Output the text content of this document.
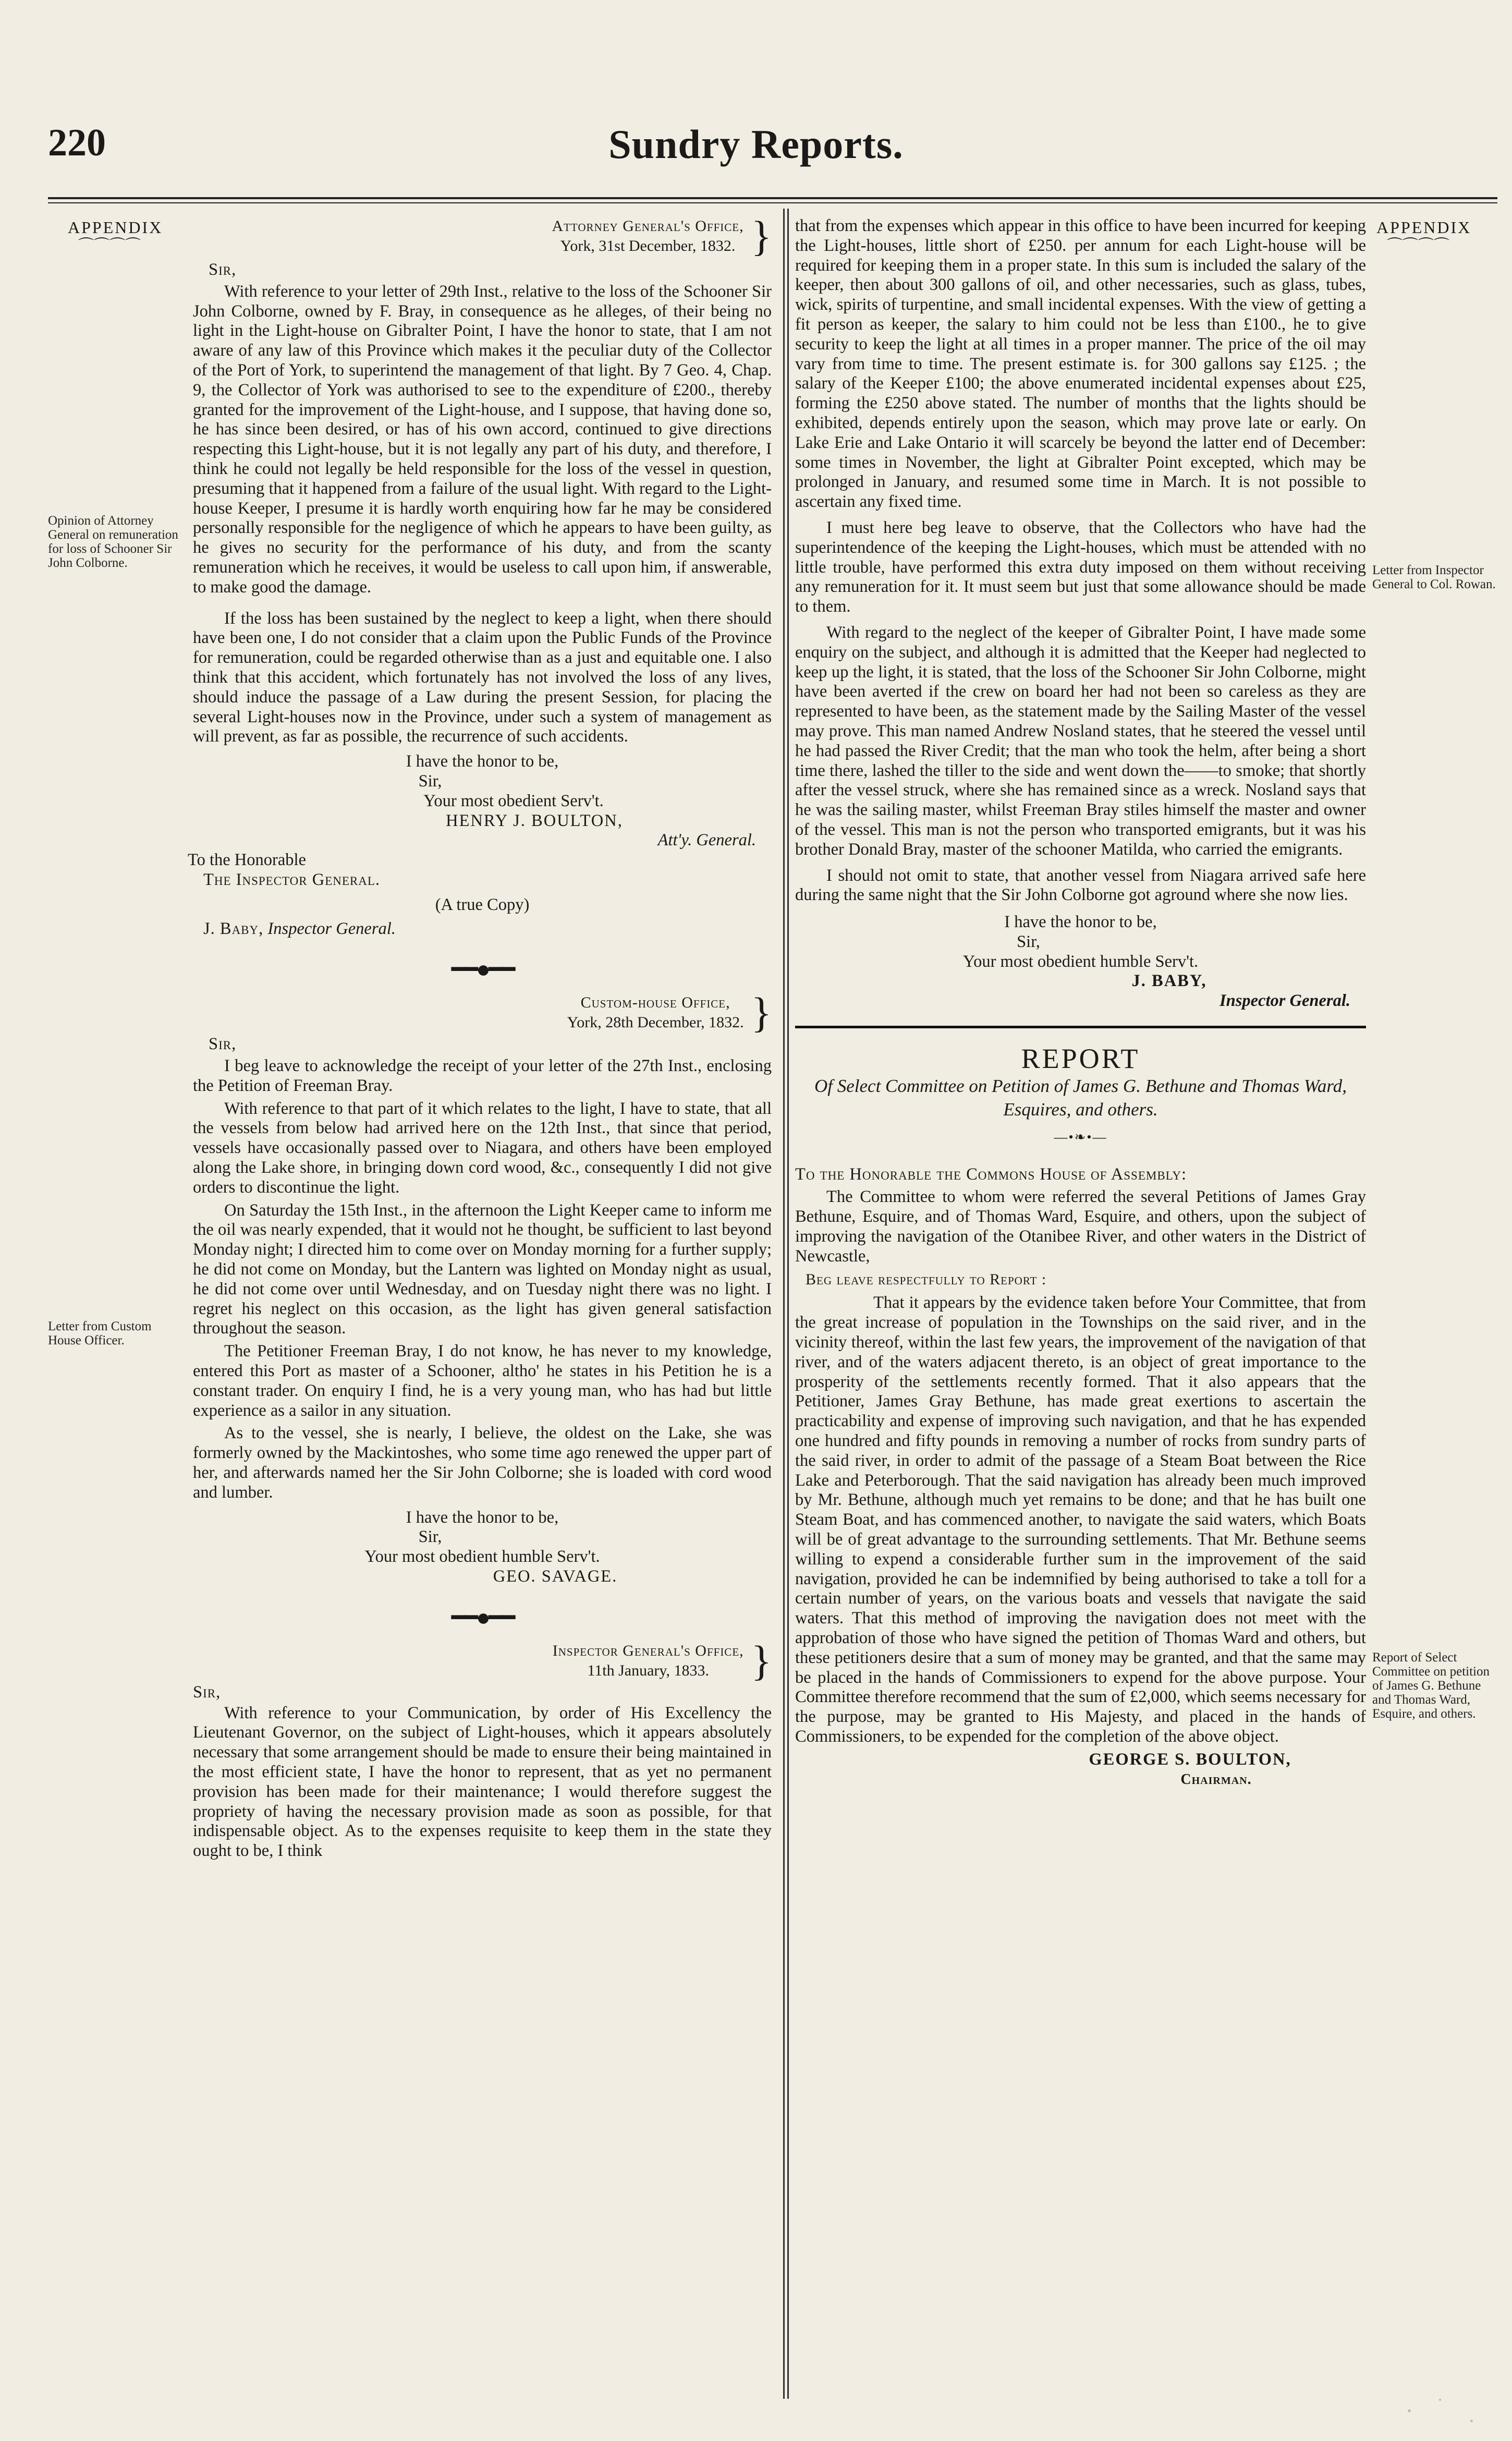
220	Sundry Reports.
APPENDIX
⌒⌒⌒⌒
APPENDIX
⌒⌒⌒⌒
Opinion of Attorney General on remuneration for loss of Schooner Sir John Colborne.
Letter from Custom House Officer.
Letter from Inspector General to Col. Rowan.
Report of Select Committee on petition of James G. Bethune and Thomas Ward, Esquire, and others.
Attorney General's Office,
York, 31st December, 1832. }

Sir,

With reference to your letter of 29th Inst., relative to the loss of the Schooner Sir John Colborne, owned by F. Bray, in consequence as he alleges, of their being no light in the Light-house on Gibralter Point, I have the honor to state, that I am not aware of any law of this Province which makes it the peculiar duty of the Collector of the Port of York, to superintend the management of that light. By 7 Geo. 4, Chap. 9, the Collector of York was authorised to see to the expenditure of £200., thereby granted for the improvement of the Light-house, and I suppose, that having done so, he has since been desired, or has of his own accord, continued to give directions respecting this Light-house, but it is not legally any part of his duty, and therefore, I think he could not legally be held responsible for the loss of the vessel in question, presuming that it happened from a failure of the usual light. With regard to the Light-house Keeper, I presume it is hardly worth enquiring how far he may be considered personally responsible for the negligence of which he appears to have been guilty, as he gives no security for the performance of his duty, and from the scanty remuneration which he receives, it would be useless to call upon him, if answerable, to make good the damage.

If the loss has been sustained by the neglect to keep a light, when there should have been one, I do not consider that a claim upon the Public Funds of the Province for remuneration, could be regarded otherwise than as a just and equitable one. I also think that this accident, which fortunately has not involved the loss of any lives, should induce the passage of a Law during the present Session, for placing the several Light-houses now in the Province, under such a system of management as will prevent, as far as possible, the recurrence of such accidents.

I have the honor to be,
Sir,
Your most obedient Serv't.
HENRY J. BOULTON,
Att'y. General.
To the Honorable
The Inspector General.
(A true Copy)
J. Baby, Inspector General.
━━●━━
Custom-house Office,
York, 28th December, 1832. }

Sir,

I beg leave to acknowledge the receipt of your letter of the 27th Inst., enclosing the Petition of Freeman Bray.

With reference to that part of it which relates to the light, I have to state, that all the vessels from below had arrived here on the 12th Inst., that since that period, vessels have occasionally passed over to Niagara, and others have been employed along the Lake shore, in bringing down cord wood, &c., consequently I did not give orders to discontinue the light.

On Saturday the 15th Inst., in the afternoon the Light Keeper came to inform me the oil was nearly expended, that it would not he thought, be sufficient to last beyond Monday night; I directed him to come over on Monday morning for a further supply; he did not come on Monday, but the Lantern was lighted on Monday night as usual, he did not come over until Wednesday, and on Tuesday night there was no light. I regret his neglect on this occasion, as the light has given general satisfaction throughout the season.

The Petitioner Freeman Bray, I do not know, he has never to my knowledge, entered this Port as master of a Schooner, altho' he states in his Petition he is a constant trader. On enquiry I find, he is a very young man, who has had but little experience as a sailor in any situation.

As to the vessel, she is nearly, I believe, the oldest on the Lake, she was formerly owned by the Mackintoshes, who some time ago renewed the upper part of her, and afterwards named her the Sir John Colborne; she is loaded with cord wood and lumber.

I have the honor to be,
Sir,
Your most obedient humble Serv't.
GEO. SAVAGE.
━━●━━
Inspector General's Office,
11th January, 1833. }

Sir,

With reference to your Communication, by order of His Excellency the Lieutenant Governor, on the subject of Light-houses, which it appears absolutely necessary that some arrangement should be made to ensure their being maintained in the most efficient state, I have the honor to represent, that as yet no permanent provision has been made for their maintenance; I would therefore suggest the propriety of having the necessary provision made as soon as possible, for that indispensable object. As to the expenses requisite to keep them in the state they ought to be, I think

that from the expenses which appear in this office to have been incurred for keeping the Light-houses, little short of £250. per annum for each Light-house will be required for keeping them in a proper state. In this sum is included the salary of the keeper, then about 300 gallons of oil, and other necessaries, such as glass, tubes, wick, spirits of turpentine, and small incidental expenses. With the view of getting a fit person as keeper, the salary to him could not be less than £100., he to give security to keep the light at all times in a proper manner. The price of the oil may vary from time to time. The present estimate is. for 300 gallons say £125. ; the salary of the Keeper £100; the above enumerated incidental expenses about £25, forming the £250 above stated. The number of months that the lights should be exhibited, depends entirely upon the season, which may prove late or early. On Lake Erie and Lake Ontario it will scarcely be beyond the latter end of December: some times in November, the light at Gibralter Point excepted, which may be prolonged in January, and resumed some time in March. It is not possible to ascertain any fixed time.

I must here beg leave to observe, that the Collectors who have had the superintendence of the keeping the Light-houses, which must be attended with no little trouble, have performed this extra duty imposed on them without receiving any remuneration for it. It must seem but just that some allowance should be made to them.

With regard to the neglect of the keeper of Gibralter Point, I have made some enquiry on the subject, and although it is admitted that the Keeper had neglected to keep up the light, it is stated, that the loss of the Schooner Sir John Colborne, might have been averted if the crew on board her had not been so careless as they are represented to have been, as the statement made by the Sailing Master of the vessel may prove. This man named Andrew Nosland states, that he steered the vessel until he had passed the River Credit; that the man who took the helm, after being a short time there, lashed the tiller to the side and went down the——to smoke; that shortly after the vessel struck, where she has remained since as a wreck. Nosland says that he was the sailing master, whilst Freeman Bray stiles himself the master and owner of the vessel. This man is not the person who transported emigrants, but it was his brother Donald Bray, master of the schooner Matilda, who carried the emigrants.

I should not omit to state, that another vessel from Niagara arrived safe here during the same night that the Sir John Colborne got aground where she now lies.

I have the honor to be,
Sir,
Your most obedient humble Serv't.
J. BABY,
Inspector General.
REPORT
Of Select Committee on Petition of James G. Bethune and Thomas Ward, Esquires, and others.
—•❧•—

To the Honorable the Commons House of Assembly:

The Committee to whom were referred the several Petitions of James Gray Bethune, Esquire, and of Thomas Ward, Esquire, and others, upon the subject of improving the navigation of the Otanibee River, and other waters in the District of Newcastle,

Beg leave respectfully to Report :

That it appears by the evidence taken before Your Committee, that from the great increase of population in the Townships on the said river, and in the vicinity thereof, within the last few years, the improvement of the navigation of that river, and of the waters adjacent thereto, is an object of great importance to the prosperity of the settlements recently formed. That it also appears that the Petitioner, James Gray Bethune, has made great exertions to ascertain the practicability and expense of improving such navigation, and that he has expended one hundred and fifty pounds in removing a number of rocks from sundry parts of the said river, in order to admit of the passage of a Steam Boat between the Rice Lake and Peterborough. That the said navigation has already been much improved by Mr. Bethune, although much yet remains to be done; and that he has built one Steam Boat, and has commenced another, to navigate the said waters, which Boats will be of great advantage to the surrounding settlements. That Mr. Bethune seems willing to expend a considerable further sum in the improvement of the said navigation, provided he can be indemnified by being authorised to take a toll for a certain number of years, on the various boats and vessels that navigate the said waters. That this method of improving the navigation does not meet with the approbation of those who have signed the petition of Thomas Ward and others, but these petitioners desire that a sum of money may be granted, and that the same may be placed in the hands of Commissioners to expend for the above purpose. Your Committee therefore recommend that the sum of £2,000, which seems necessary for the purpose, may be granted to His Majesty, and placed in the hands of Commissioners, to be expended for the completion of the above object.

GEORGE S. BOULTON,
Chairman.
